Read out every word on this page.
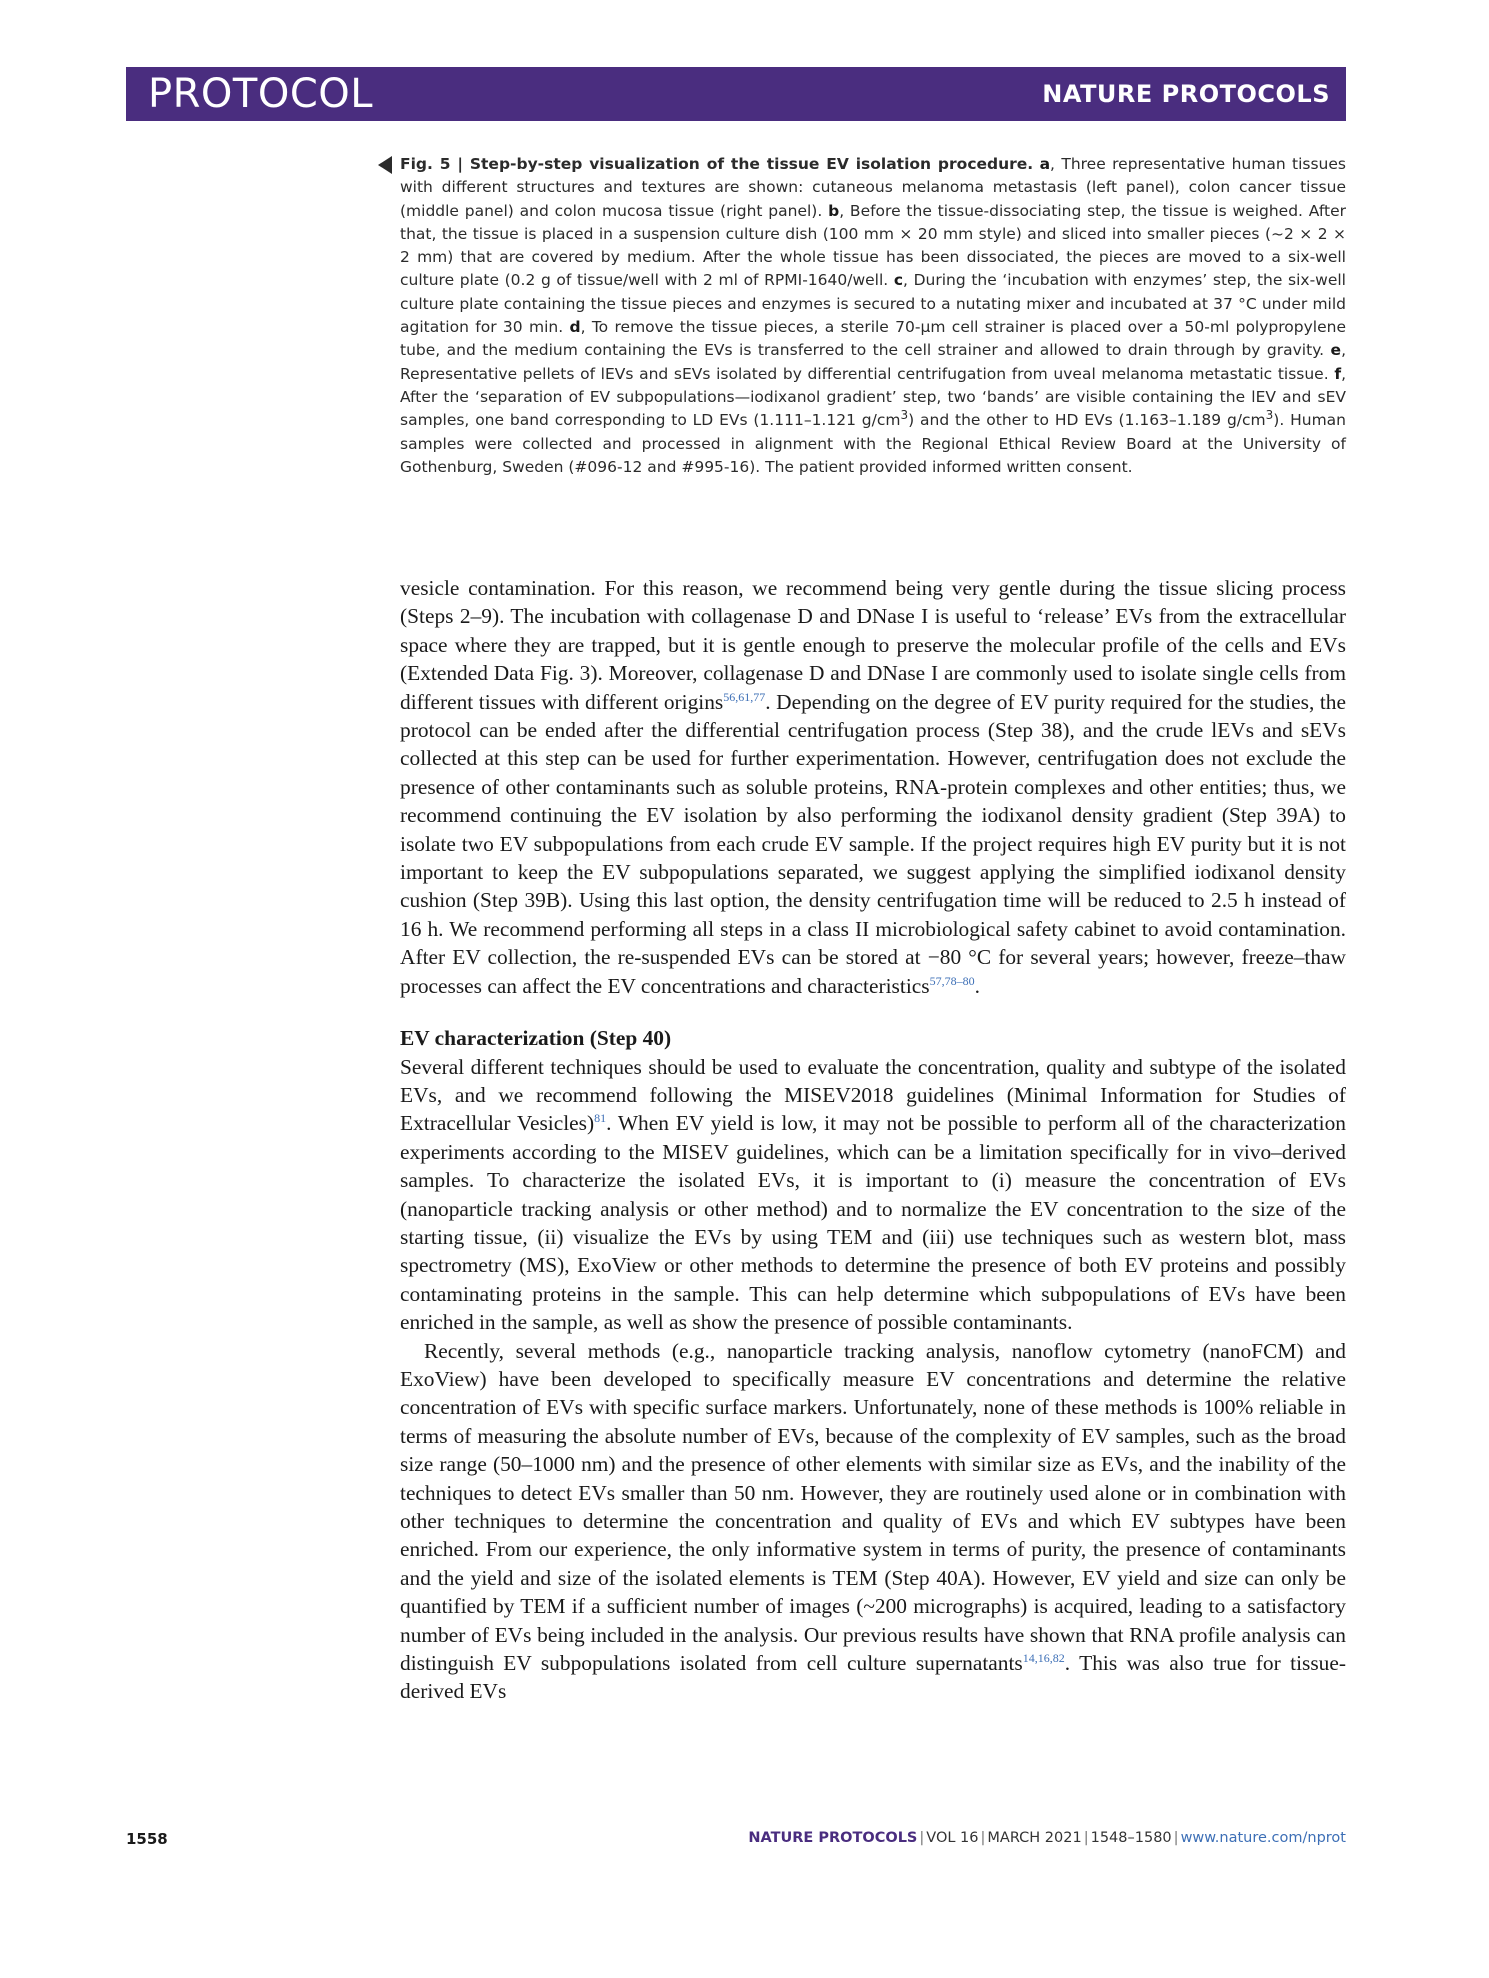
PROTOCOL	NATURE PROTOCOLS
Fig. 5 | Step-by-step visualization of the tissue EV isolation procedure. a, Three representative human tissues with different structures and textures are shown: cutaneous melanoma metastasis (left panel), colon cancer tissue (middle panel) and colon mucosa tissue (right panel). b, Before the tissue-dissociating step, the tissue is weighed. After that, the tissue is placed in a suspension culture dish (100 mm × 20 mm style) and sliced into smaller pieces (~2 × 2 × 2 mm) that are covered by medium. After the whole tissue has been dissociated, the pieces are moved to a six-well culture plate (0.2 g of tissue/well with 2 ml of RPMI-1640/well. c, During the ‘incubation with enzymes’ step, the six-well culture plate containing the tissue pieces and enzymes is secured to a nutating mixer and incubated at 37 °C under mild agitation for 30 min. d, To remove the tissue pieces, a sterile 70-µm cell strainer is placed over a 50-ml polypropylene tube, and the medium containing the EVs is transferred to the cell strainer and allowed to drain through by gravity. e, Representative pellets of lEVs and sEVs isolated by differential centrifugation from uveal melanoma metastatic tissue. f, After the ‘separation of EV subpopulations—iodixanol gradient’ step, two ‘bands’ are visible containing the lEV and sEV samples, one band corresponding to LD EVs (1.111–1.121 $g/cm^3$) and the other to HD EVs (1.163–1.189 $g/cm^3$). Human samples were collected and processed in alignment with the Regional Ethical Review Board at the University of Gothenburg, Sweden (#096-12 and #995-16). The patient provided informed written consent.

vesicle contamination. For this reason, we recommend being very gentle during the tissue slicing process (Steps 2–9). The incubation with collagenase D and DNase I is useful to ‘release’ EVs from the extracellular space where they are trapped, but it is gentle enough to preserve the molecular profile of the cells and EVs (Extended Data Fig. 3). Moreover, collagenase D and DNase I are commonly used to isolate single cells from different tissues with different origins$^{56,61,77}$. Depending on the degree of EV purity required for the studies, the protocol can be ended after the differential centrifugation process (Step 38), and the crude lEVs and sEVs collected at this step can be used for further experimentation. However, centrifugation does not exclude the presence of other contaminants such as soluble proteins, RNA-protein complexes and other entities; thus, we recommend continuing the EV isolation by also performing the iodixanol density gradient (Step 39A) to isolate two EV subpopulations from each crude EV sample. If the project requires high EV purity but it is not important to keep the EV subpopulations separated, we suggest applying the simplified iodixanol density cushion (Step 39B). Using this last option, the density centrifugation time will be reduced to 2.5 h instead of 16 h. We recommend performing all steps in a class II microbiological safety cabinet to avoid contamination. After EV collection, the re-suspended EVs can be stored at −80 °C for several years; however, freeze–thaw processes can affect the EV concentrations and characteristics$^{57,78-80}$.

EV characterization (Step 40)

Several different techniques should be used to evaluate the concentration, quality and subtype of the isolated EVs, and we recommend following the MISEV2018 guidelines (Minimal Information for Studies of Extracellular Vesicles)$^{81}$. When EV yield is low, it may not be possible to perform all of the characterization experiments according to the MISEV guidelines, which can be a limitation specifically for in vivo–derived samples. To characterize the isolated EVs, it is important to (i) measure the concentration of EVs (nanoparticle tracking analysis or other method) and to normalize the EV concentration to the size of the starting tissue, (ii) visualize the EVs by using TEM and (iii) use techniques such as western blot, mass spectrometry (MS), ExoView or other methods to determine the presence of both EV proteins and possibly contaminating proteins in the sample. This can help determine which subpopulations of EVs have been enriched in the sample, as well as show the presence of possible contaminants.

Recently, several methods (e.g., nanoparticle tracking analysis, nanoflow cytometry (nanoFCM) and ExoView) have been developed to specifically measure EV concentrations and determine the relative concentration of EVs with specific surface markers. Unfortunately, none of these methods is 100% reliable in terms of measuring the absolute number of EVs, because of the complexity of EV samples, such as the broad size range (50–1000 nm) and the presence of other elements with similar size as EVs, and the inability of the techniques to detect EVs smaller than 50 nm. However, they are routinely used alone or in combination with other techniques to determine the concentration and quality of EVs and which EV subtypes have been enriched. From our experience, the only informative system in terms of purity, the presence of contaminants and the yield and size of the isolated elements is TEM (Step 40A). However, EV yield and size can only be quantified by TEM if a sufficient number of images (~200 micrographs) is acquired, leading to a satisfactory number of EVs being included in the analysis. Our previous results have shown that RNA profile analysis can distinguish EV subpopulations isolated from cell culture supernatants$^{14,16,82}$. This was also true for tissue-derived EVs

1558	NATURE PROTOCOLS | VOL 16 | MARCH 2021 | 1548–1580 | www.nature.com/nprot
